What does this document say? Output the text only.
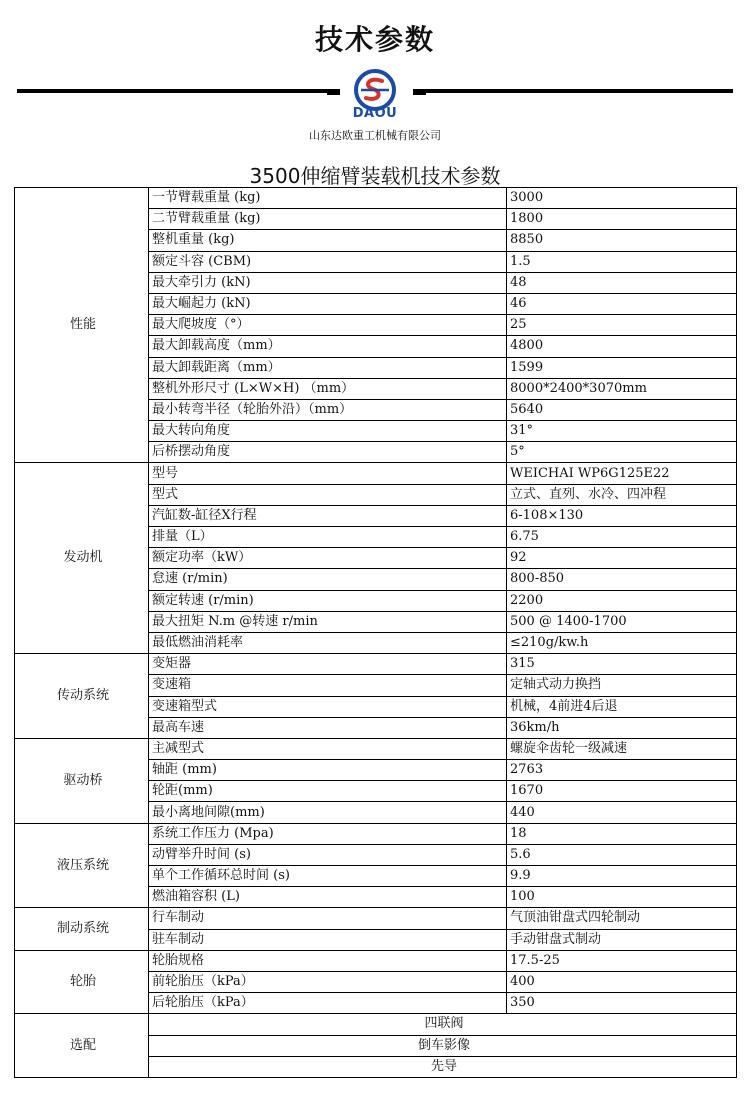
技术参数
DAOU
山东达欧重工机械有限公司
3500伸缩臂装载机技术参数
性能	一节臂载重量 (kg)	3000
	二节臂载重量 (kg)	1800
	整机重量 (kg)	8850
	额定斗容 (CBM)	1.5
	最大牵引力 (kN)	48
	最大崛起力 (kN)	46
	最大爬坡度（°）	25
	最大卸载高度（mm）	4800
	最大卸载距离（mm）	1599
	整机外形尺寸 (L×W×H) （mm）	8000*2400*3070mm
	最小转弯半径（轮胎外沿）（mm）	5640
	最大转向角度	31°
	后桥摆动角度	5°
发动机	型号	WEICHAI WP6G125E22
	型式	立式、直列、水冷、四冲程
	汽缸数-缸径X行程	6-108×130
	排量（L）	6.75
	额定功率（kW）	92
	怠速 (r/min)	800-850
	额定转速 (r/min)	2200
	最大扭矩 N.m @转速 r/min	500 @ 1400-1700
	最低燃油消耗率	≤210g/kw.h
传动系统	变矩器	315
	变速箱	定轴式动力换挡
	变速箱型式	机械，4前进4后退
	最高车速	36km/h
驱动桥	主减型式	螺旋伞齿轮一级减速
	轴距 (mm)	2763
	轮距(mm)	1670
	最小离地间隙(mm)	440
液压系统	系统工作压力 (Mpa)	18
	动臂举升时间 (s)	5.6
	单个工作循环总时间 (s)	9.9
	燃油箱容积 (L)	100
制动系统	行车制动	气顶油钳盘式四轮制动
	驻车制动	手动钳盘式制动
轮胎	轮胎规格	17.5-25
	前轮胎压（kPa）	400
	后轮胎压（kPa）	350
选配	四联阀	
	倒车影像	
	先导	
